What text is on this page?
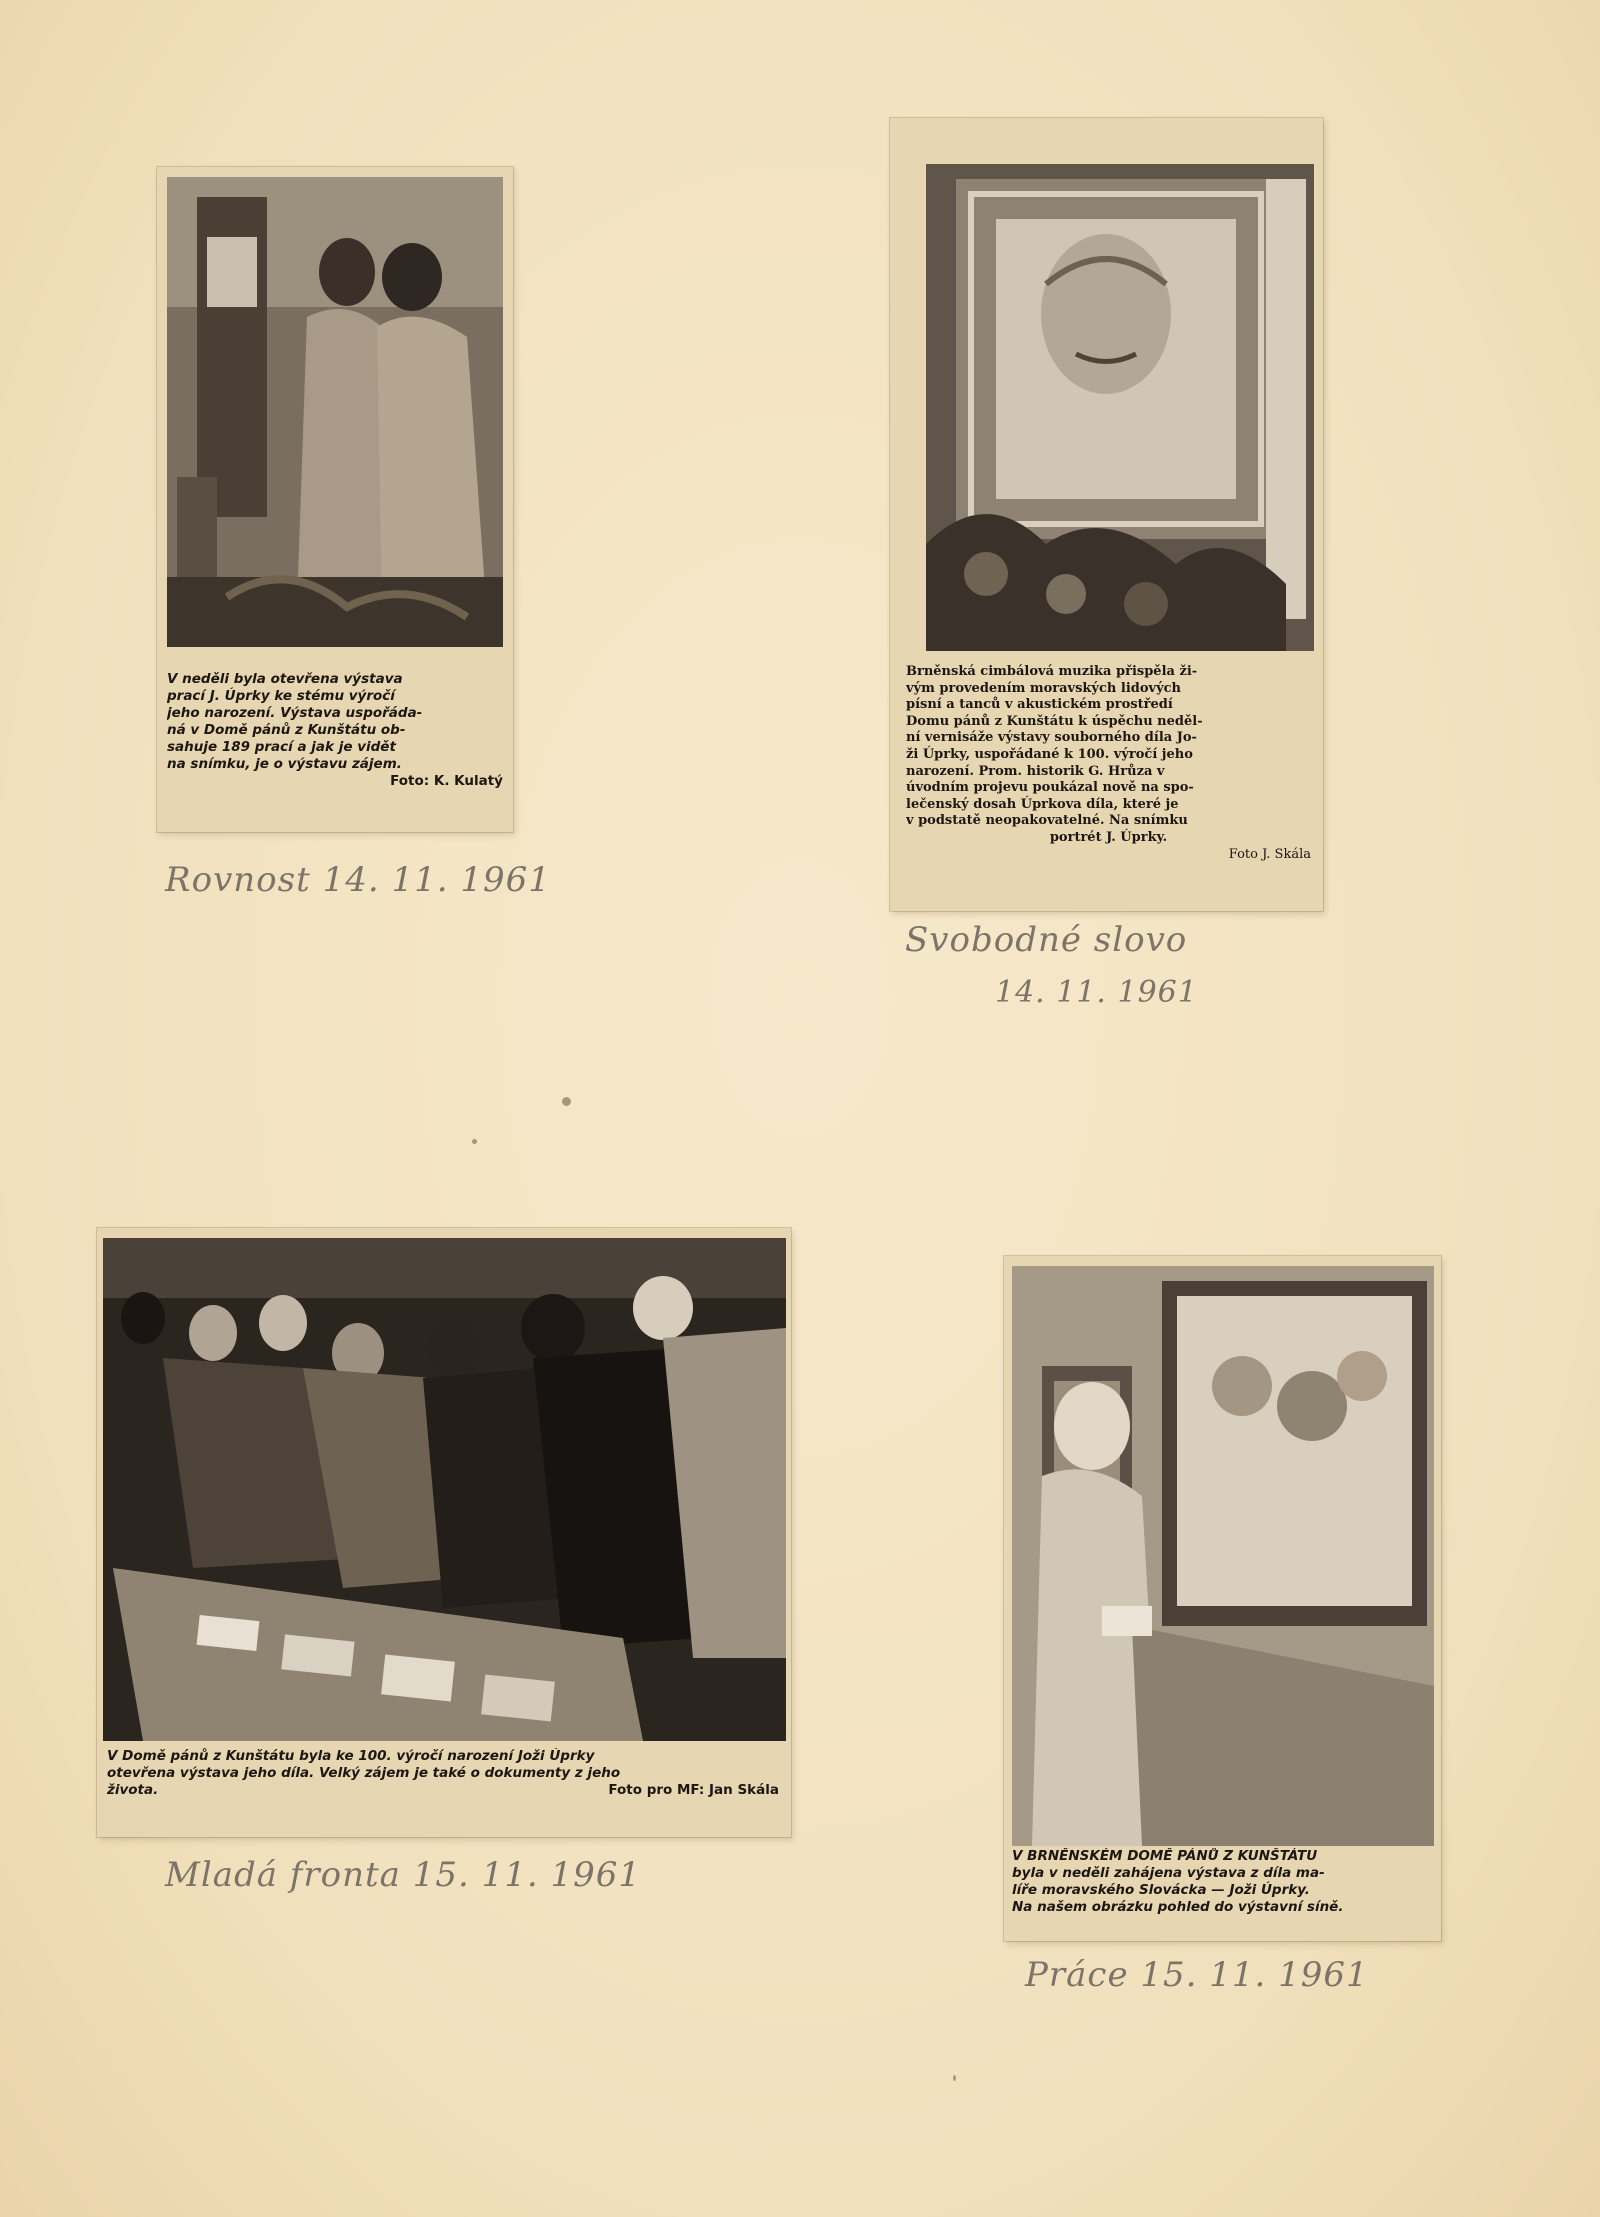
V neděli byla otevřena výstava

prací J. Úprky ke stému výročí

jeho narození. Výstava uspořáda-

ná v Domě pánů z Kunštátu ob-

sahuje 189 prací a jak je vidět

na snímku, je o výstavu zájem.

Foto: K. Kulatý

Rovnost 14. 11. 1961

Brněnská cimbálová muzika přispěla ži-

vým provedením moravských lidových

písní a tanců v akustickém prostředí

Domu pánů z Kunštátu k úspěchu neděl-

ní vernisáže výstavy souborného díla Jo-

ži Úprky, uspořádané k 100. výročí jeho

narození. Prom. historik G. Hrůza v

úvodním projevu poukázal nově na spo-

lečenský dosah Úprkova díla, které je

v podstatě neopakovatelné. Na snímku

portrét J. Úprky.

Foto J. Skála

Svobodné slovo
14. 11. 1961

V Domě pánů z Kunštátu byla ke 100. výročí narození Joži Úprky

otevřena výstava jeho díla. Velký zájem je také o dokumenty z jeho

života.	Foto pro MF: Jan Skála

Mladá fronta 15. 11. 1961	V BRNĚNSKÉM DOMĚ PÁNŮ Z KUNŠTÁTU

byla v neděli zahájena výstava z díla ma-

líře moravského Slovácka — Joži Úprky.

Na našem obrázku pohled do výstavní síně.

Práce 15. 11. 1961
